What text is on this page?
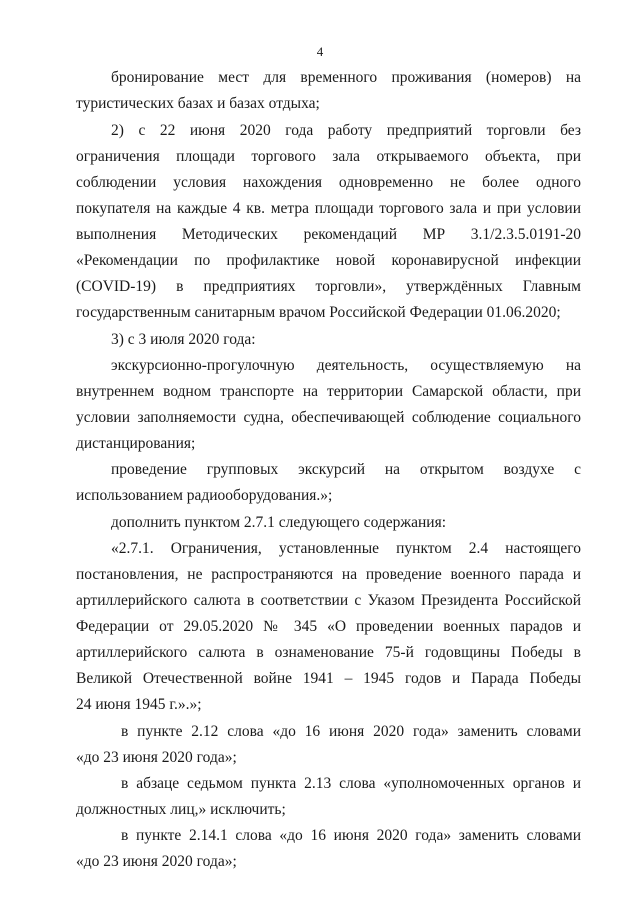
4
бронирование мест для временного проживания (номеров) на
туристических базах и базах отдыха;
2) с 22 июня 2020 года работу предприятий торговли без
ограничения площади торгового зала открываемого объекта, при
соблюдении условия нахождения одновременно не более одного
покупателя на каждые 4 кв. метра площади торгового зала и при условии
выполнения Методических рекомендаций МР 3.1/2.3.5.0191-20
«Рекомендации по профилактике новой коронавирусной инфекции
(COVID-19) в предприятиях торговли», утверждённых Главным
государственным санитарным врачом Российской Федерации 01.06.2020;
3) с 3 июля 2020 года:
экскурсионно-прогулочную деятельность, осуществляемую на
внутреннем водном транспорте на территории Самарской области, при
условии заполняемости судна, обеспечивающей соблюдение социального
дистанцирования;
проведение групповых экскурсий на открытом воздухе с
использованием радиооборудования.»;
дополнить пунктом 2.7.1 следующего содержания:
«2.7.1. Ограничения, установленные пунктом 2.4 настоящего
постановления, не распространяются на проведение военного парада и
артиллерийского салюта в соответствии с Указом Президента Российской
Федерации от 29.05.2020 № 345 «О проведении военных парадов и
артиллерийского салюта в ознаменование 75-й годовщины Победы в
Великой Отечественной войне 1941 – 1945 годов и Парада Победы
24 июня 1945 г.».»;
в пункте 2.12 слова «до 16 июня 2020 года» заменить словами
«до 23 июня 2020 года»;
в абзаце седьмом пункта 2.13 слова «уполномоченных органов и
должностных лиц,» исключить;
в пункте 2.14.1 слова «до 16 июня 2020 года» заменить словами
«до 23 июня 2020 года»;
